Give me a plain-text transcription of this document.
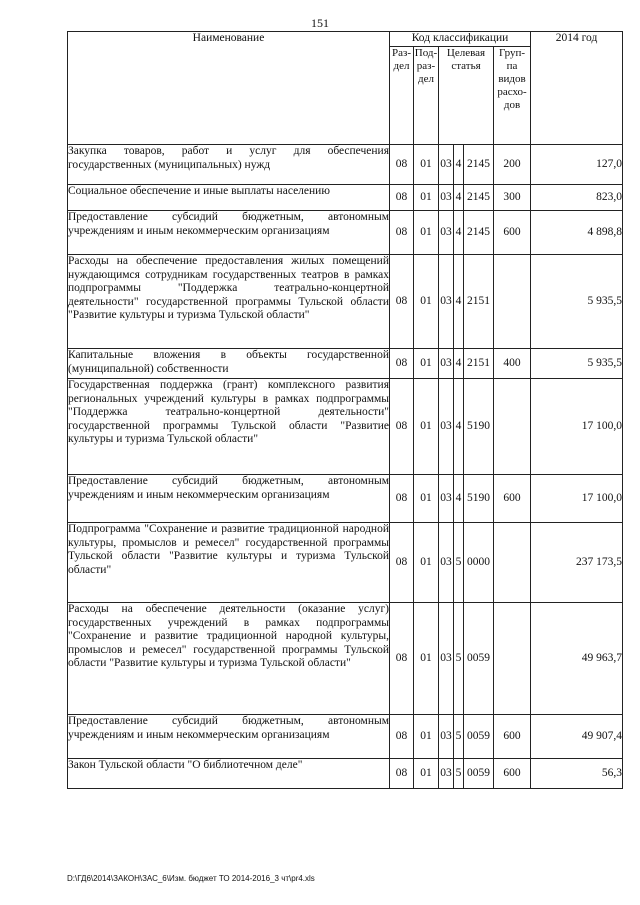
151
Наименование	Код классификации						2014 год
	Раз-дел	Под-раз-дел	Целевая статья			Груп-па видов расхо-дов	
Закупка товаров, работ и услуг для обеспечения государственных (муниципальных) нужд	08	01	03	4	2145	200	127,0
Социальное обеспечение и иные выплаты населению	08	01	03	4	2145	300	823,0
Предоставление субсидий бюджетным, автономным учреждениям и иным некоммерческим организациям	08	01	03	4	2145	600	4 898,8
Расходы на обеспечение предоставления жилых помещений нуждающимся сотрудникам государственных театров в рамках подпрограммы "Поддержка театрально-концертной деятельности" государственной программы Тульской области "Развитие культуры и туризма Тульской области"	08	01	03	4	2151		5 935,5
Капитальные вложения в объекты государственной (муниципальной) собственности	08	01	03	4	2151	400	5 935,5
Государственная поддержка (грант) комплексного развития региональных учреждений культуры в рамках подпрограммы "Поддержка театрально-концертной деятельности" государственной программы Тульской области "Развитие культуры и туризма Тульской области"	08	01	03	4	5190		17 100,0
Предоставление субсидий бюджетным, автономным учреждениям и иным некоммерческим организациям	08	01	03	4	5190	600	17 100,0
Подпрограмма "Сохранение и развитие традиционной народной культуры, промыслов и ремесел" государственной программы Тульской области "Развитие культуры и туризма Тульской области"	08	01	03	5	0000		237 173,5
Расходы на обеспечение деятельности (оказание услуг) государственных учреждений в рамках подпрограммы "Сохранение и развитие традиционной народной культуры, промыслов и ремесел" государственной программы Тульской области "Развитие культуры и туризма Тульской области"	08	01	03	5	0059		49 963,7
Предоставление субсидий бюджетным, автономным учреждениям и иным некоммерческим организациям	08	01	03	5	0059	600	49 907,4
Закон Тульской области "О библиотечном деле"	08	01	03	5	0059	600	56,3
D:\ГД6\2014\ЗАКОН\ЗАС_6\Изм. бюджет ТО 2014-2016_3 чт\pr4.xls
